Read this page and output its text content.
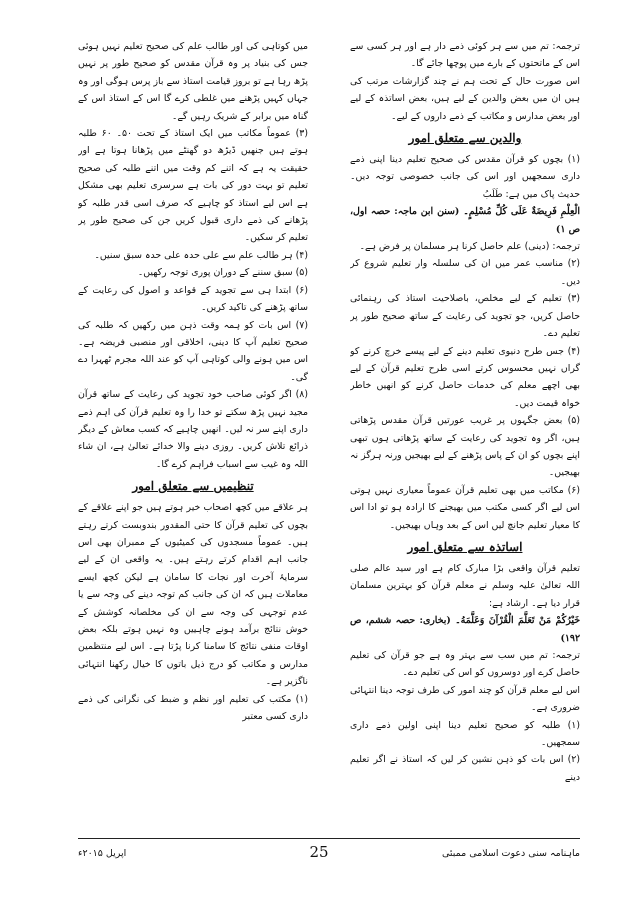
ترجمہ: تم میں سے ہر کوئی ذمے دار ہے اور ہر کسی سے اس کے ماتحتوں کے بارے میں پوچھا جائے گا۔

اس صورت حال کے تحت ہم نے چند گزارشات مرتب کی ہیں ان میں بعض والدین کے لیے ہیں، بعض اساتذہ کے لیے اور بعض مدارس و مکاتب کے ذمے داروں کے لیے۔

والدین سے متعلق امور

(۱) بچوں کو قرآن مقدس کی صحیح تعلیم دینا اپنی ذمے داری سمجھیں اور اس کی جانب خصوصی توجہ دیں۔ حدیث پاک میں ہے: طَلَبُ

الْعِلْمِ فَرِيضَةٌ عَلَى كُلِّ مُسْلِمٍ۔ (سنن ابن ماجہ: حصہ اول، ص ۱)

ترجمہ: (دینی) علم حاصل کرنا ہر مسلمان پر فرض ہے۔

(۲) مناسب عمر میں ان کی سلسلہ وار تعلیم شروع کر دیں۔

(۳) تعلیم کے لیے مخلص، باصلاحیت استاذ کی رہنمائی حاصل کریں، جو تجوید کی رعایت کے ساتھ صحیح طور پر تعلیم دے۔

(۴) جس طرح دنیوی تعلیم دینے کے لیے پیسے خرچ کرنے کو گراں نہیں محسوس کرتے اسی طرح تعلیم قرآن کے لیے بھی اچھے معلم کی خدمات حاصل کرنے کو انھیں خاطر خواہ قیمت دیں۔

(۵) بعض جگہوں پر غریب عورتیں قرآن مقدس پڑھاتی ہیں، اگر وہ تجوید کی رعایت کے ساتھ پڑھاتی ہوں تبھی اپنے بچوں کو ان کے پاس پڑھنے کے لیے بھیجیں ورنہ ہرگز نہ بھیجیں۔

(۶) مکاتب میں بھی تعلیم قرآن عموماً معیاری نہیں ہوتی اس لیے اگر کسی مکتب میں بھیجنے کا ارادہ ہو تو ادا اس کا معیار تعلیم جانچ لیں اس کے بعد وہاں بھیجیں۔

اساتذہ سے متعلق امور

تعلیم قرآن واقعی بڑا مبارک کام ہے اور سید عالم صلی اللہ تعالیٰ علیہ وسلم نے معلم قرآن کو بہترین مسلمان قرار دیا ہے۔ ارشاد ہے:

خَيْرُكُمْ مَنْ تَعَلَّمَ الْقُرْآنَ وَعَلَّمَهُ۔ (بخاری: حصہ ششم، ص ۱۹۲)

ترجمہ: تم میں سب سے بہتر وہ ہے جو قرآن کی تعلیم حاصل کرے اور دوسروں کو اس کی تعلیم دے۔

اس لیے معلم قرآن کو چند امور کی طرف توجہ دینا انتہائی ضروری ہے۔

(۱) طلبہ کو صحیح تعلیم دینا اپنی اولین ذمے داری سمجھیں۔

(۲) اس بات کو ذہن نشین کر لیں کہ استاذ نے اگر تعلیم دینے

میں کوتاہی کی اور طالب علم کی صحیح تعلیم نہیں ہوئی جس کی بنیاد پر وہ قرآن مقدس کو صحیح طور پر نہیں پڑھ رہا ہے تو بروز قیامت استاذ سے باز پرس ہوگی اور وہ جہاں کہیں پڑھنے میں غلطی کرے گا اس کے استاذ اس کے گناہ میں برابر کے شریک رہیں گے۔

(۳) عموماً مکاتب میں ایک استاذ کے تحت ۵۰۔ ۶۰ طلبہ ہوتے ہیں جنھیں ڈیڑھ دو گھنٹے میں پڑھانا ہوتا ہے اور حقیقت یہ ہے کہ اتنے کم وقت میں اتنے طلبہ کی صحیح تعلیم تو بہت دور کی بات ہے سرسری تعلیم بھی مشکل ہے اس لیے استاذ کو چاہیے کہ صرف اسی قدر طلبہ کو پڑھانے کی ذمے داری قبول کریں جن کی صحیح طور پر تعلیم کر سکیں۔

(۴) ہر طالب علم سے علی حدہ علی حدہ سبق سنیں۔

(۵) سبق سننے کے دوران پوری توجہ رکھیں۔

(۶) ابتدا ہی سے تجوید کے قواعد و اصول کی رعایت کے ساتھ پڑھنے کی تاکید کریں۔

(۷) اس بات کو ہمہ وقت ذہن میں رکھیں کہ طلبہ کی صحیح تعلیم آپ کا دینی، اخلاقی اور منصبی فریضہ ہے۔ اس میں ہونے والی کوتاہی آپ کو عند اللہ مجرم ٹھہرا دے گی۔

(۸) اگر کوئی صاحب خود تجوید کی رعایت کے ساتھ قرآن مجید نہیں پڑھ سکتے تو خدا را وہ تعلیم قرآن کی اہم ذمے داری اپنے سر نہ لیں۔ انھیں چاہیے کہ کسب معاش کے دیگر ذرائع تلاش کریں۔ روزی دینے والا خدائے تعالیٰ ہے، ان شاء اللہ وہ غیب سے اسباب فراہم کرے گا۔

تنظیمیں سے متعلق امور

ہر علاقے میں کچھ اصحاب خیر ہوتے ہیں جو اپنے علاقے کے بچوں کی تعلیم قرآن کا حتی المقدور بندوبست کرتے رہتے ہیں۔ عموماً مسجدوں کی کمیٹیوں کے ممبران بھی اس جانب اہم اقدام کرتے رہتے ہیں۔ یہ واقعی ان کے لیے سرمایۂ آخرت اور نجات کا سامان ہے لیکن کچھ ایسے معاملات ہیں کہ ان کی جانب کم توجہ دینے کی وجہ سے یا عدم توجہی کی وجہ سے ان کی مخلصانہ کوشش کے خوش نتائج برآمد ہونے چاہییں وہ نہیں ہوتے بلکہ بعض اوقات منفی نتائج کا سامنا کرنا پڑتا ہے۔ اس لیے منتظمین مدارس و مکاتب کو درج ذیل باتوں کا خیال رکھنا انتہائی ناگزیر ہے۔

(۱) مکتب کی تعلیم اور نظم و ضبط کی نگرانی کی ذمے داری کسی معتبر

ماہنامہ سنی دعوت اسلامی ممبئی
25
اپریل ۲۰۱۵ء
